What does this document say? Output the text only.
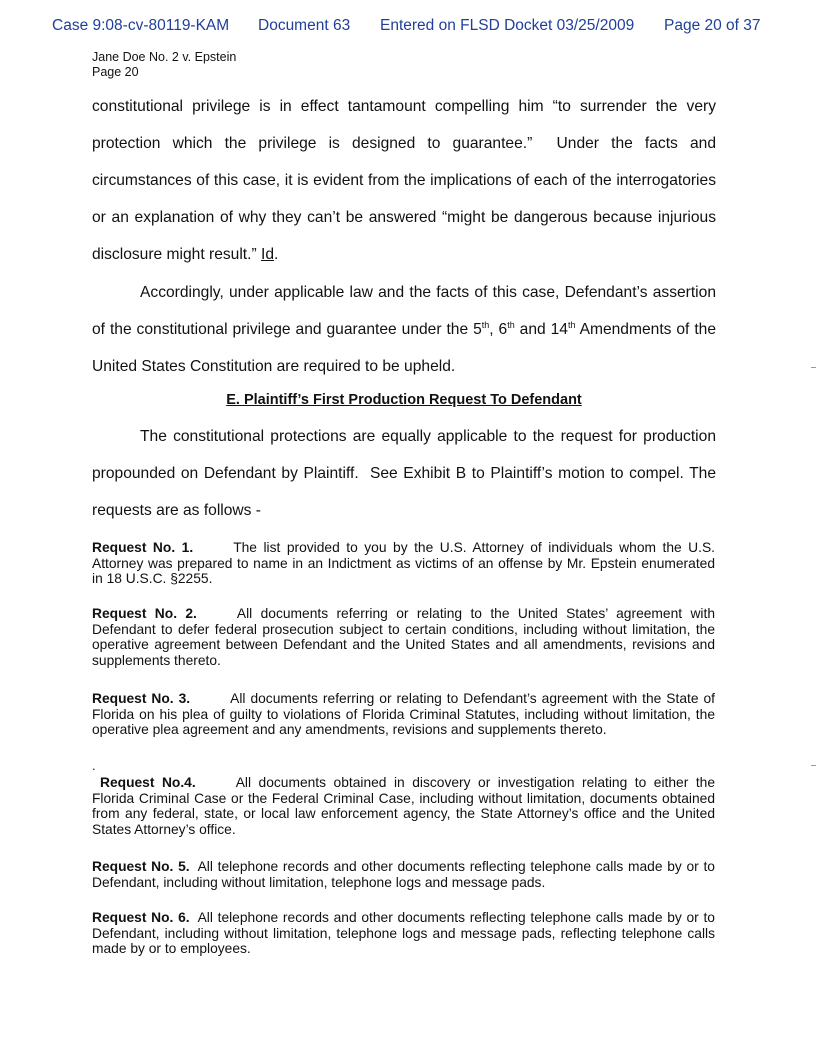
Case 9:08-cv-80119-KAM Document 63 Entered on FLSD Docket 03/25/2009 Page 20 of 37
Jane Doe No. 2 v. Epstein
Page 20

constitutional privilege is in effect tantamount compelling him “to surrender the very protection which the privilege is designed to guarantee.”  Under the facts and circumstances of this case, it is evident from the implications of each of the interrogatories or an explanation of why they can’t be answered “might be dangerous because injurious disclosure might result.” Id.

Accordingly, under applicable law and the facts of this case, Defendant’s assertion of the constitutional privilege and guarantee under the 5th, 6th and 14th Amendments of the United States Constitution are required to be upheld.

E. Plaintiff’s First Production Request To Defendant

The constitutional protections are equally applicable to the request for production propounded on Defendant by Plaintiff.  See Exhibit B to Plaintiff’s motion to compel. The requests are as follows -

Request No. 1.	The list provided to you by the U.S. Attorney of individuals whom the U.S. Attorney was prepared to name in an Indictment as victims of an offense by Mr. Epstein enumerated in 18 U.S.C. §2255.

Request No. 2.	All documents referring or relating to the United States’ agreement with Defendant to defer federal prosecution subject to certain conditions, including without limitation, the operative agreement between Defendant and the United States and all amendments, revisions and supplements thereto.

Request No. 3.	All documents referring or relating to Defendant’s agreement with the State of Florida on his plea of guilty to violations of Florida Criminal Statutes, including without limitation, the operative plea agreement and any amendments, revisions and supplements thereto.

.

Request No.4.	All documents obtained in discovery or investigation relating to either the Florida Criminal Case or the Federal Criminal Case, including without limitation, documents obtained from any federal, state, or local law enforcement agency, the State Attorney’s office and the United States Attorney’s office.

Request No. 5. All telephone records and other documents reflecting telephone calls made by or to Defendant, including without limitation, telephone logs and message pads.

Request No. 6. All telephone records and other documents reflecting telephone calls made by or to Defendant, including without limitation, telephone logs and message pads, reflecting telephone calls made by or to employees.
